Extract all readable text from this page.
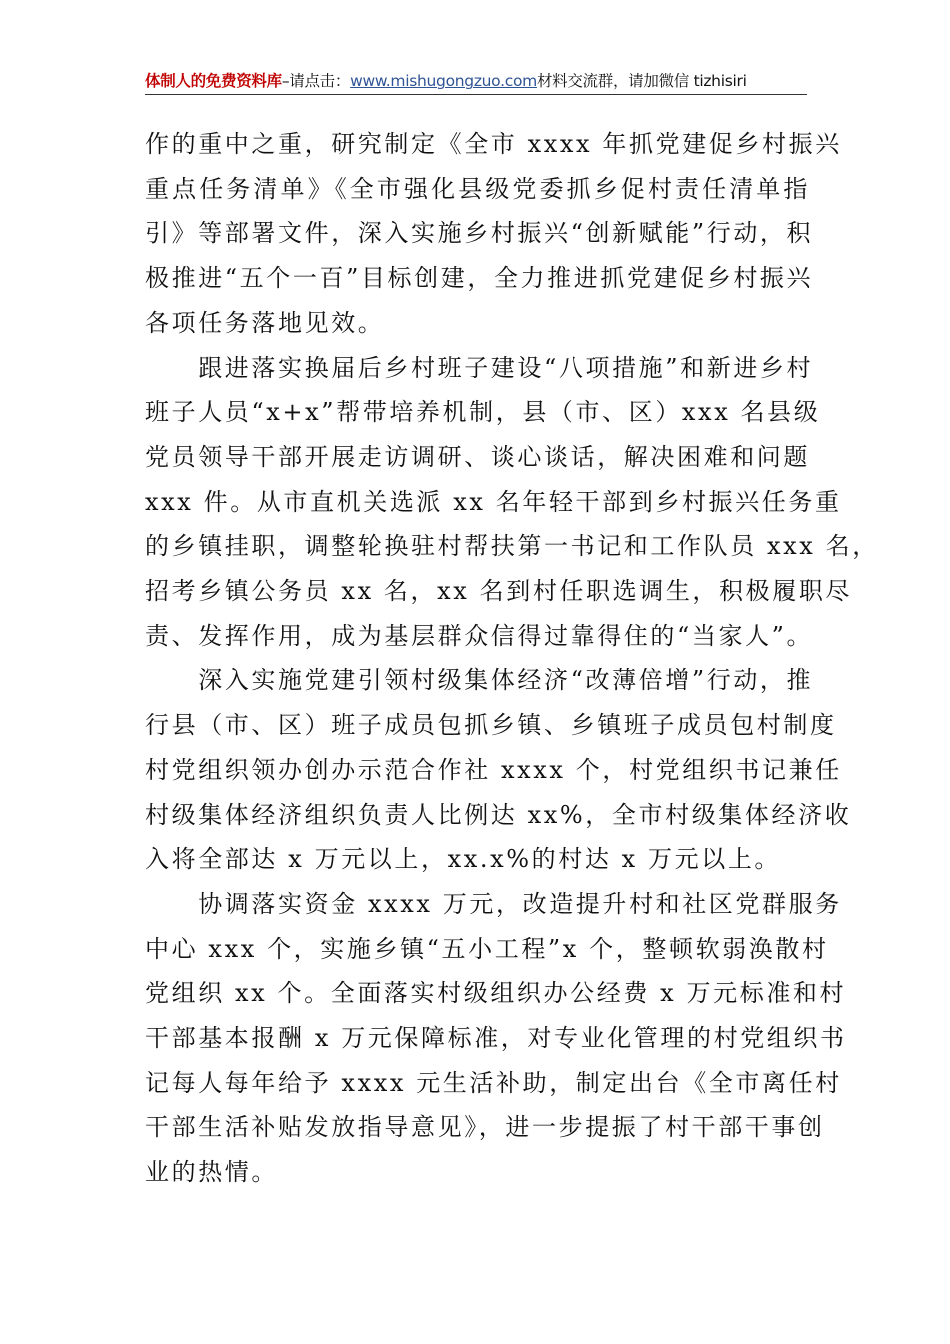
体制人的免费资料库–请点击：www.mishugongzuo.com材料交流群，请加微信 tizhisiri

作的重中之重，研究制定《全市 xxxx 年抓党建促乡村振兴
重点任务清单》《全市强化县级党委抓乡促村责任清单指
引》等部署文件，深入实施乡村振兴“创新赋能”行动，积
极推进“五个一百”目标创建，全力推进抓党建促乡村振兴
各项任务落地见效。

　　跟进落实换届后乡村班子建设“八项措施”和新进乡村
班子人员“x+x”帮带培养机制，县（市、区）xxx 名县级
党员领导干部开展走访调研、谈心谈话，解决困难和问题
xxx 件。从市直机关选派 xx 名年轻干部到乡村振兴任务重
的乡镇挂职，调整轮换驻村帮扶第一书记和工作队员 xxx 名，
招考乡镇公务员 xx 名，xx 名到村任职选调生，积极履职尽
责、发挥作用，成为基层群众信得过靠得住的“当家人”。

　　深入实施党建引领村级集体经济“改薄倍增”行动，推
行县（市、区）班子成员包抓乡镇、乡镇班子成员包村制度
村党组织领办创办示范合作社 xxxx 个，村党组织书记兼任
村级集体经济组织负责人比例达 xx%，全市村级集体经济收
入将全部达 x 万元以上，xx.x%的村达 x 万元以上。

　　协调落实资金 xxxx 万元，改造提升村和社区党群服务
中心 xxx 个，实施乡镇“五小工程”x 个，整顿软弱涣散村
党组织 xx 个。全面落实村级组织办公经费 x 万元标准和村
干部基本报酬 x 万元保障标准，对专业化管理的村党组织书
记每人每年给予 xxxx 元生活补助，制定出台《全市离任村
干部生活补贴发放指导意见》，进一步提振了村干部干事创
业的热情。
